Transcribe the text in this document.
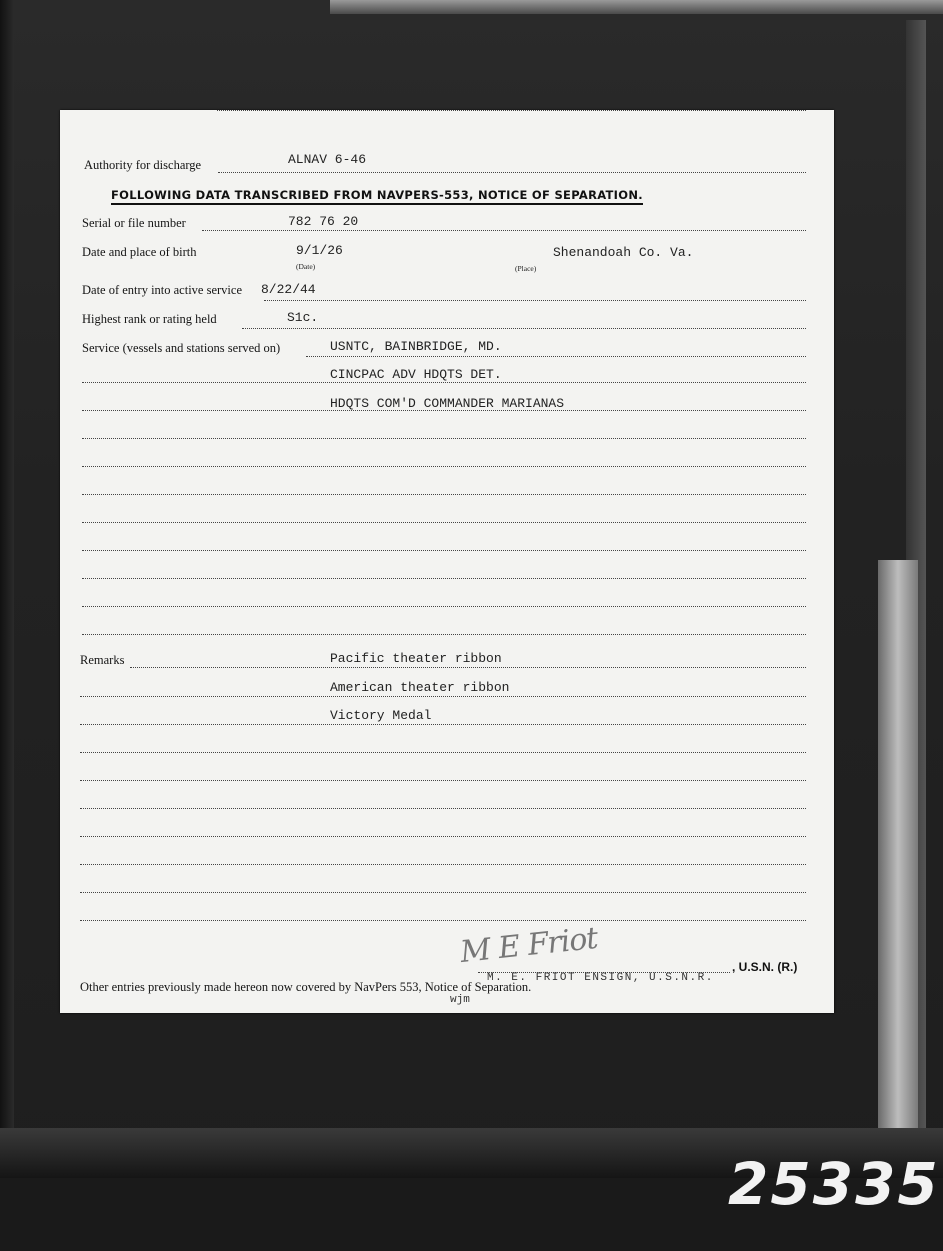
25335
Authority for discharge	ALNAV 6-46
FOLLOWING DATA TRANSCRIBED FROM NAVPERS-553, NOTICE OF SEPARATION.
Serial or file number	782 76 20
Date and place of birth	9/1/26
(Date)
Shenandoah Co. Va.
(Place)
Date of entry into active service 8/22/44
Highest rank or rating held	S1c.
Service (vessels and stations served on)	USNTC, BAINBRIDGE, MD.
CINCPAC ADV HDQTS DET.
HDQTS COM'D COMMANDER MARIANAS
Remarks	Pacific theater ribbon
American theater ribbon
Victory Medal
M E Friot	, U.S.N. (R.)
M. E. FRIOT ENSIGN, U.S.N.R.
Other entries previously made hereon now covered by NavPers 553, Notice of Separation.
wjm
